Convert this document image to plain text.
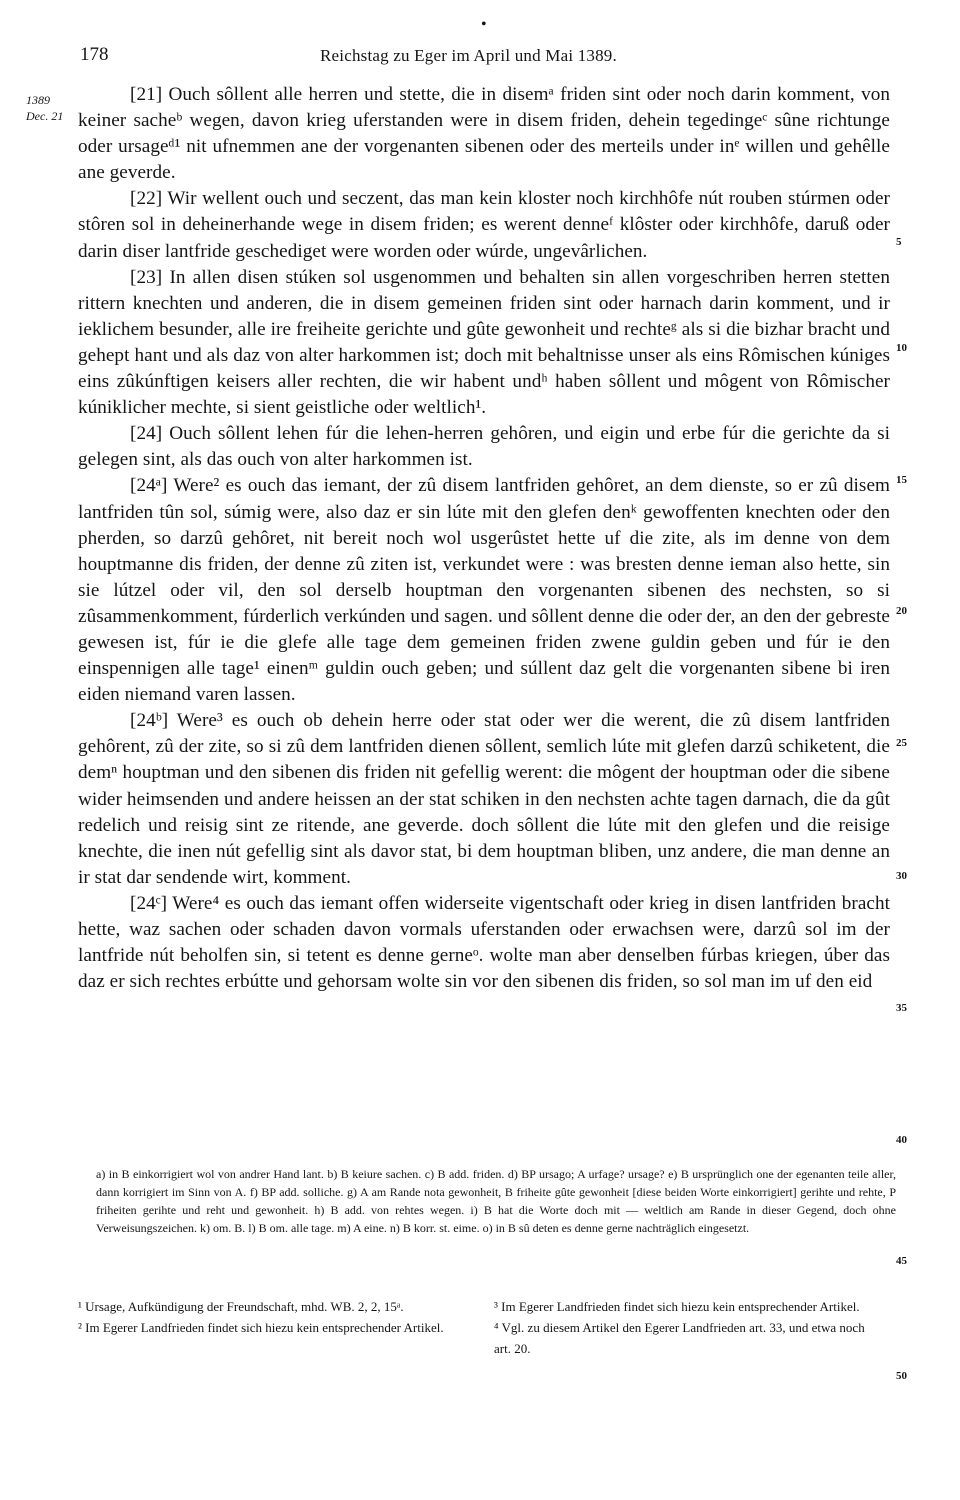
•
178	Reichstag zu Eger im April und Mai 1389.
1389
Dec. 21

[21] Ouch sôllent alle herren und stette, die in disemᵃ friden sint oder noch darin komment, von keiner sacheᵇ wegen, davon krieg uferstanden were in disem friden, dehein tegedingeᶜ sûne richtunge oder ursageᵈ¹ nit ufnemmen ane der vorgenanten sibenen oder des merteils under inᵉ willen und gehêlle ane geverde.

[22] Wir wellent ouch und seczent, das man kein kloster noch kirchhôfe nút rouben stúrmen oder stôren sol in deheinerhande wege in disem friden; es werent denneᶠ klôster oder kirchhôfe, daruß oder darin diser lantfride geschediget were worden oder wúrde, ungevârlichen.

[23] In allen disen stúken sol usgenommen und behalten sin allen vorgeschriben herren stetten rittern knechten und anderen, die in disem gemeinen friden sint oder harnach darin komment, und ir ieklichem besunder, alle ire freiheite gerichte und gûte gewonheit und rechteᵍ als si die bizhar bracht und gehept hant und als daz von alter harkommen ist; doch mit behaltnisse unser als eins Rômischen kúniges eins zûkúnftigen keisers aller rechten, die wir habent undʰ haben sôllent und môgent von Rômischer kúniklicher mechte, si sient geistliche oder weltlich¹.

[24] Ouch sôllent lehen fúr die lehen-herren gehôren, und eigin und erbe fúr die gerichte da si gelegen sint, als das ouch von alter harkommen ist.

[24ᵃ] Were² es ouch das iemant, der zû disem lantfriden gehôret, an dem dienste, so er zû disem lantfriden tûn sol, súmig were, also daz er sin lúte mit den glefen denᵏ gewoffenten knechten oder den pherden, so darzû gehôret, nit bereit noch wol usgerûstet hette uf die zite, als im denne von dem houptmanne dis friden, der denne zû ziten ist, verkundet were : was bresten denne ieman also hette, sin sie lútzel oder vil, den sol derselb houptman den vorgenanten sibenen des nechsten, so si zûsammenkomment, fúrderlich verkúnden und sagen. und sôllent denne die oder der, an den der gebreste gewesen ist, fúr ie die glefe alle tage dem gemeinen friden zwene guldin geben und fúr ie den einspennigen alle tage¹ einenᵐ guldin ouch geben; und súllent daz gelt die vorgenanten sibene bi iren eiden niemand varen lassen.

[24ᵇ] Were³ es ouch ob dehein herre oder stat oder wer die werent, die zû disem lantfriden gehôrent, zû der zite, so si zû dem lantfriden dienen sôllent, semlich lúte mit glefen darzû schiketent, die demⁿ houptman und den sibenen dis friden nit gefellig werent: die môgent der houptman oder die sibene wider heimsenden und andere heissen an der stat schiken in den nechsten achte tagen darnach, die da gût redelich und reisig sint ze ritende, ane geverde. doch sôllent die lúte mit den glefen und die reisige knechte, die inen nút gefellig sint als davor stat, bi dem houptman bliben, unz andere, die man denne an ir stat dar sendende wirt, komment.

[24ᶜ] Were⁴ es ouch das iemant offen widerseite vigentschaft oder krieg in disen lantfriden bracht hette, waz sachen oder schaden davon vormals uferstanden oder erwachsen were, darzû sol im der lantfride nút beholfen sin, si tetent es denne gerneᵒ. wolte man aber denselben fúrbas kriegen, úber das daz er sich rechtes erbútte und gehorsam wolte sin vor den sibenen dis friden, so sol man im uf den eid

5
10
15
20
25
30
35
40
45
50
a) in B einkorrigiert wol von andrer Hand lant. b) B keiure sachen. c) B add. friden. d) BP ursago; A urfage? ursage? e) B ursprünglich one der egenanten teile aller, dann korrigiert im Sinn von A. f) BP add. solliche. g) A am Rande nota gewonheit, B friheite gûte gewonheit [diese beiden Worte einkorrigiert] gerihte und rehte, P friheiten gerihte und reht und gewonheit. h) B add. von rehtes wegen. i) B hat die Worte doch mit — weltlich am Rande in dieser Gegend, doch ohne Verweisungszeichen. k) om. B. l) B om. alle tage. m) A eine. n) B korr. st. eime. o) in B sû deten es denne gerne nachträglich eingesetzt.

¹ Ursage, Aufkündigung der Freundschaft, mhd. WB. 2, 2, 15ᵃ.

² Im Egerer Landfrieden findet sich hiezu kein entsprechender Artikel.

³ Im Egerer Landfrieden findet sich hiezu kein entsprechender Artikel.

⁴ Vgl. zu diesem Artikel den Egerer Landfrieden art. 33, und etwa noch art. 20.
